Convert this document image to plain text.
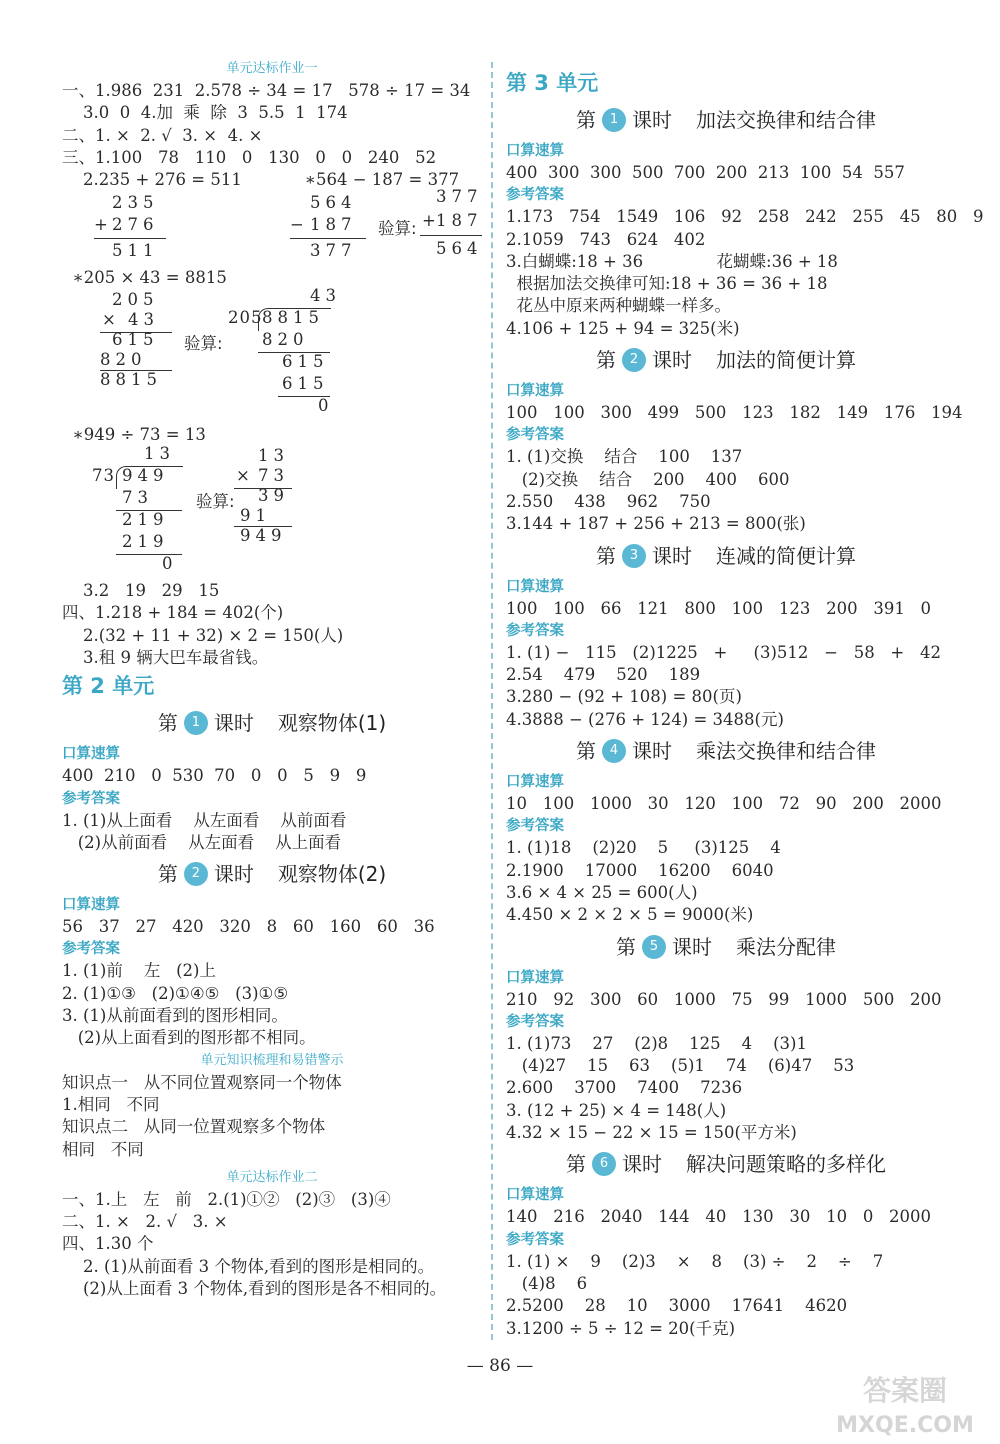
单元达标作业一
一、1.986  231  2.578 ÷ 34 = 17   578 ÷ 17 = 34
3.0  0  4.加  乘  除  3  5.5  1  174
二、1. ×  2. √  3. ×  4. ×
三、1.100   78   110   0   130   0   0   240   52
2.235 + 276 = 511            ∗564 − 187 = 377
235
+ 276
511
564
− 187
377
验算:
377
+
187
564
∗205 × 43 = 8815
205
× 43
615
820
8815
验算:
43
205 8815
820
615
615
0
∗949 ÷ 73 = 13
13
73 949
73
219
219
0
验算:
13
× 73
39
91
949
3.2   19   29   15
四、1.218 + 184 = 402(个)
2.(32 + 11 + 32) × 2 = 150(人)
3.租 9 辆大巴车最省钱。
第 2 单元
第	1 课时 观察物体(1)
口算速算
400  210   0  530  70   0   0   5   9   9
参考答案
1. (1)从上面看    从左面看    从前面看
(2)从前面看    从左面看    从上面看
第	2 课时 观察物体(2)
口算速算
56   37   27   420   320   8   60   160   60   36
参考答案
1. (1)前    左   (2)上
2. (1)①③   (2)①④⑤   (3)①⑤
3. (1)从前面看到的图形相同。
(2)从上面看到的图形都不相同。
单元知识梳理和易错警示
知识点一   从不同位置观察同一个物体
1.相同   不同
知识点二   从同一位置观察多个物体
相同   不同
单元达标作业二
一、1.上   左   前   2.(1)①②   (2)③   (3)④
二、1. ×   2. √   3. ×
四、1.30 个
2. (1)从前面看 3 个物体,看到的图形是相同的。
(2)从上面看 3 个物体,看到的图形是各不相同的。
第 3 单元
第	1 课时 加法交换律和结合律
口算速算
400  300  300  500  700  200  213  100  54  557
参考答案
1.173   754   1549   106   92   258   242   255   45   80   9
2.1059   743   624   402
3.白蝴蝶:18 + 36              花蝴蝶:36 + 18
根据加法交换律可知:18 + 36 = 36 + 18
花丛中原来两种蝴蝶一样多。
4.106 + 125 + 94 = 325(米)
第	2 课时 加法的简便计算
口算速算
100   100   300   499   500   123   182   149   176   194
参考答案
1. (1)交换    结合    100    137
(2)交换    结合    200    400    600
2.550    438    962    750
3.144 + 187 + 256 + 213 = 800(张)
第	3 课时 连减的简便计算
口算速算
100   100   66   121   800   100   123   200   391   0
参考答案
1. (1) −   115   (2)1225   +     (3)512   −   58   +   42
2.54    479    520    189
3.280 − (92 + 108) = 80(页)
4.3888 − (276 + 124) = 3488(元)
第	4 课时 乘法交换律和结合律
口算速算
10   100   1000   30   120   100   72   90   200   2000
参考答案
1. (1)18    (2)20    5     (3)125    4
2.1900    17000    16200    6040
3.6 × 4 × 25 = 600(人)
4.450 × 2 × 2 × 5 = 9000(米)
第	5 课时 乘法分配律
口算速算
210   92   300   60   1000   75   99   1000   500   200
参考答案
1. (1)73    27    (2)8    125    4    (3)1
(4)27    15    63    (5)1    74    (6)47    53
2.600    3700    7400    7236
3. (12 + 25) × 4 = 148(人)
4.32 × 15 − 22 × 15 = 150(平方米)
第	6 课时 解决问题策略的多样化
口算速算
140   216   2040   144   40   130   30   10   0   2000
参考答案
1. (1) ×    9    (2)3    ×    8    (3) ÷    2    ÷    7
(4)8    6
2.5200    28    10    3000    17641    4620
3.1200 ÷ 5 ÷ 12 = 20(千克)
— 86 —
答案圈
MXQE.COM
